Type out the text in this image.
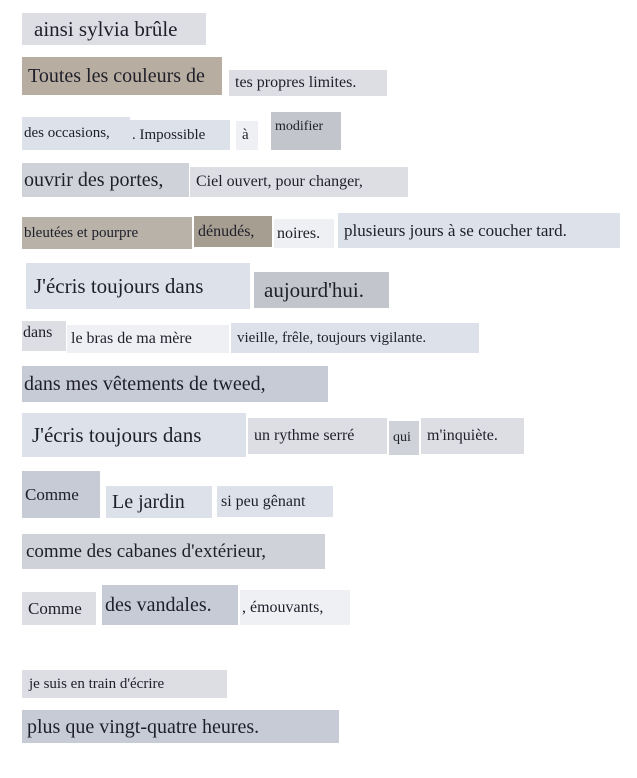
ainsi sylvia brûle
Toutes les couleurs de tes propres limites.
des occasions, . Impossible à
modifier
ouvrir des portes, Ciel ouvert, pour changer,
bleutées et pourpre	dénudés, noires. plusieurs jours à se coucher tard.
J'écris toujours dans	aujourd'hui.
dans le bras de ma mère	vieille, frêle, toujours vigilante.
dans mes vêtements de tweed,
J'écris toujours dans	un rythme serré	qui m'inquiète.
Comme Le jardin si peu gênant
comme des cabanes d'extérieur,
Comme des vandales. , émouvants,
je suis en train d'écrire
plus que vingt-quatre heures.
